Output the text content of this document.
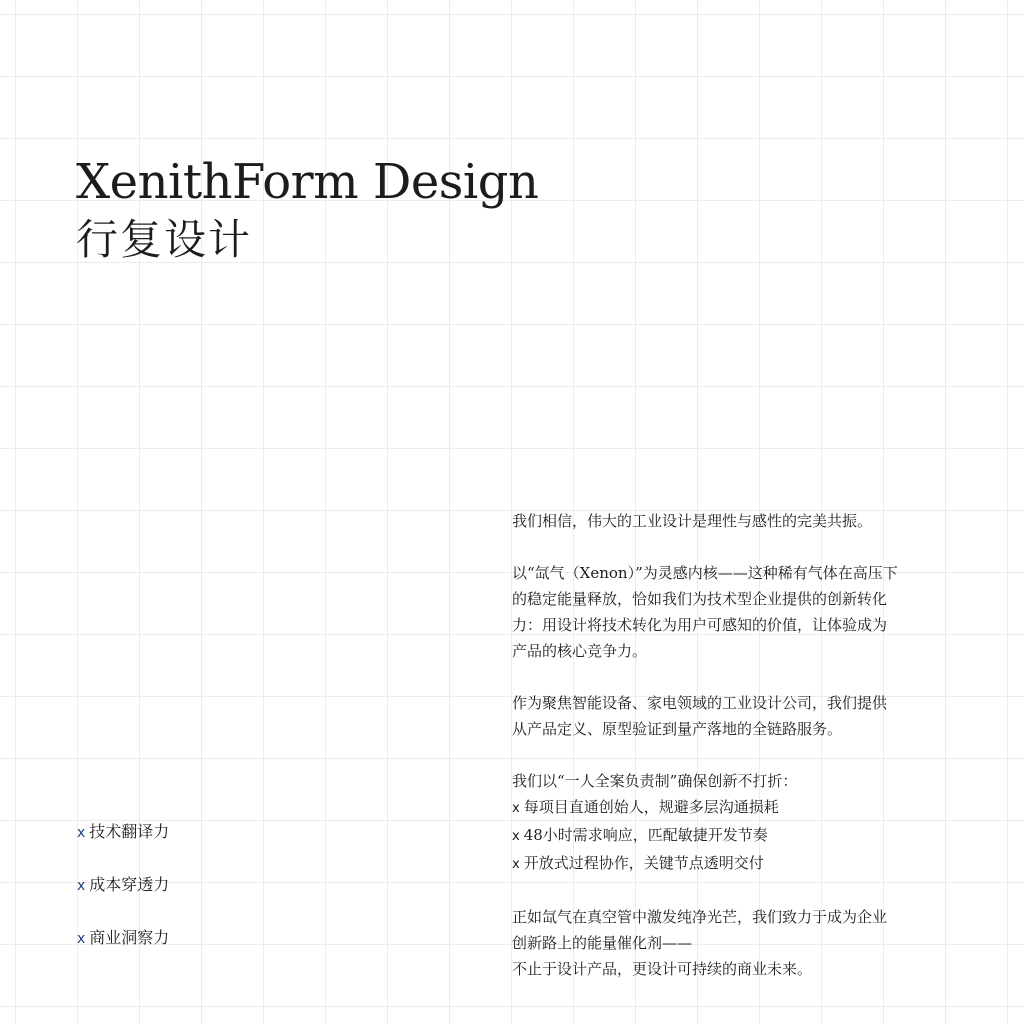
XenithForm Design
行复设计
x 技术翻译力
x 成本穿透力
x 商业洞察力

我们相信，伟大的工业设计是理性与感性的完美共振。

以“氙气（Xenon）”为灵感内核——这种稀有气体在高压下
的稳定能量释放，恰如我们为技术型企业提供的创新转化
力：用设计将技术转化为用户可感知的价值，让体验成为
产品的核心竞争力。

作为聚焦智能设备、家电领域的工业设计公司，我们提供
从产品定义、原型验证到量产落地的全链路服务。

我们以“一人全案负责制”确保创新不打折：
x 每项目直通创始人，规避多层沟通损耗
x 48小时需求响应，匹配敏捷开发节奏
x 开放式过程协作，关键节点透明交付

正如氙气在真空管中激发纯净光芒，我们致力于成为企业
创新路上的能量催化剂——
不止于设计产品，更设计可持续的商业未来。
